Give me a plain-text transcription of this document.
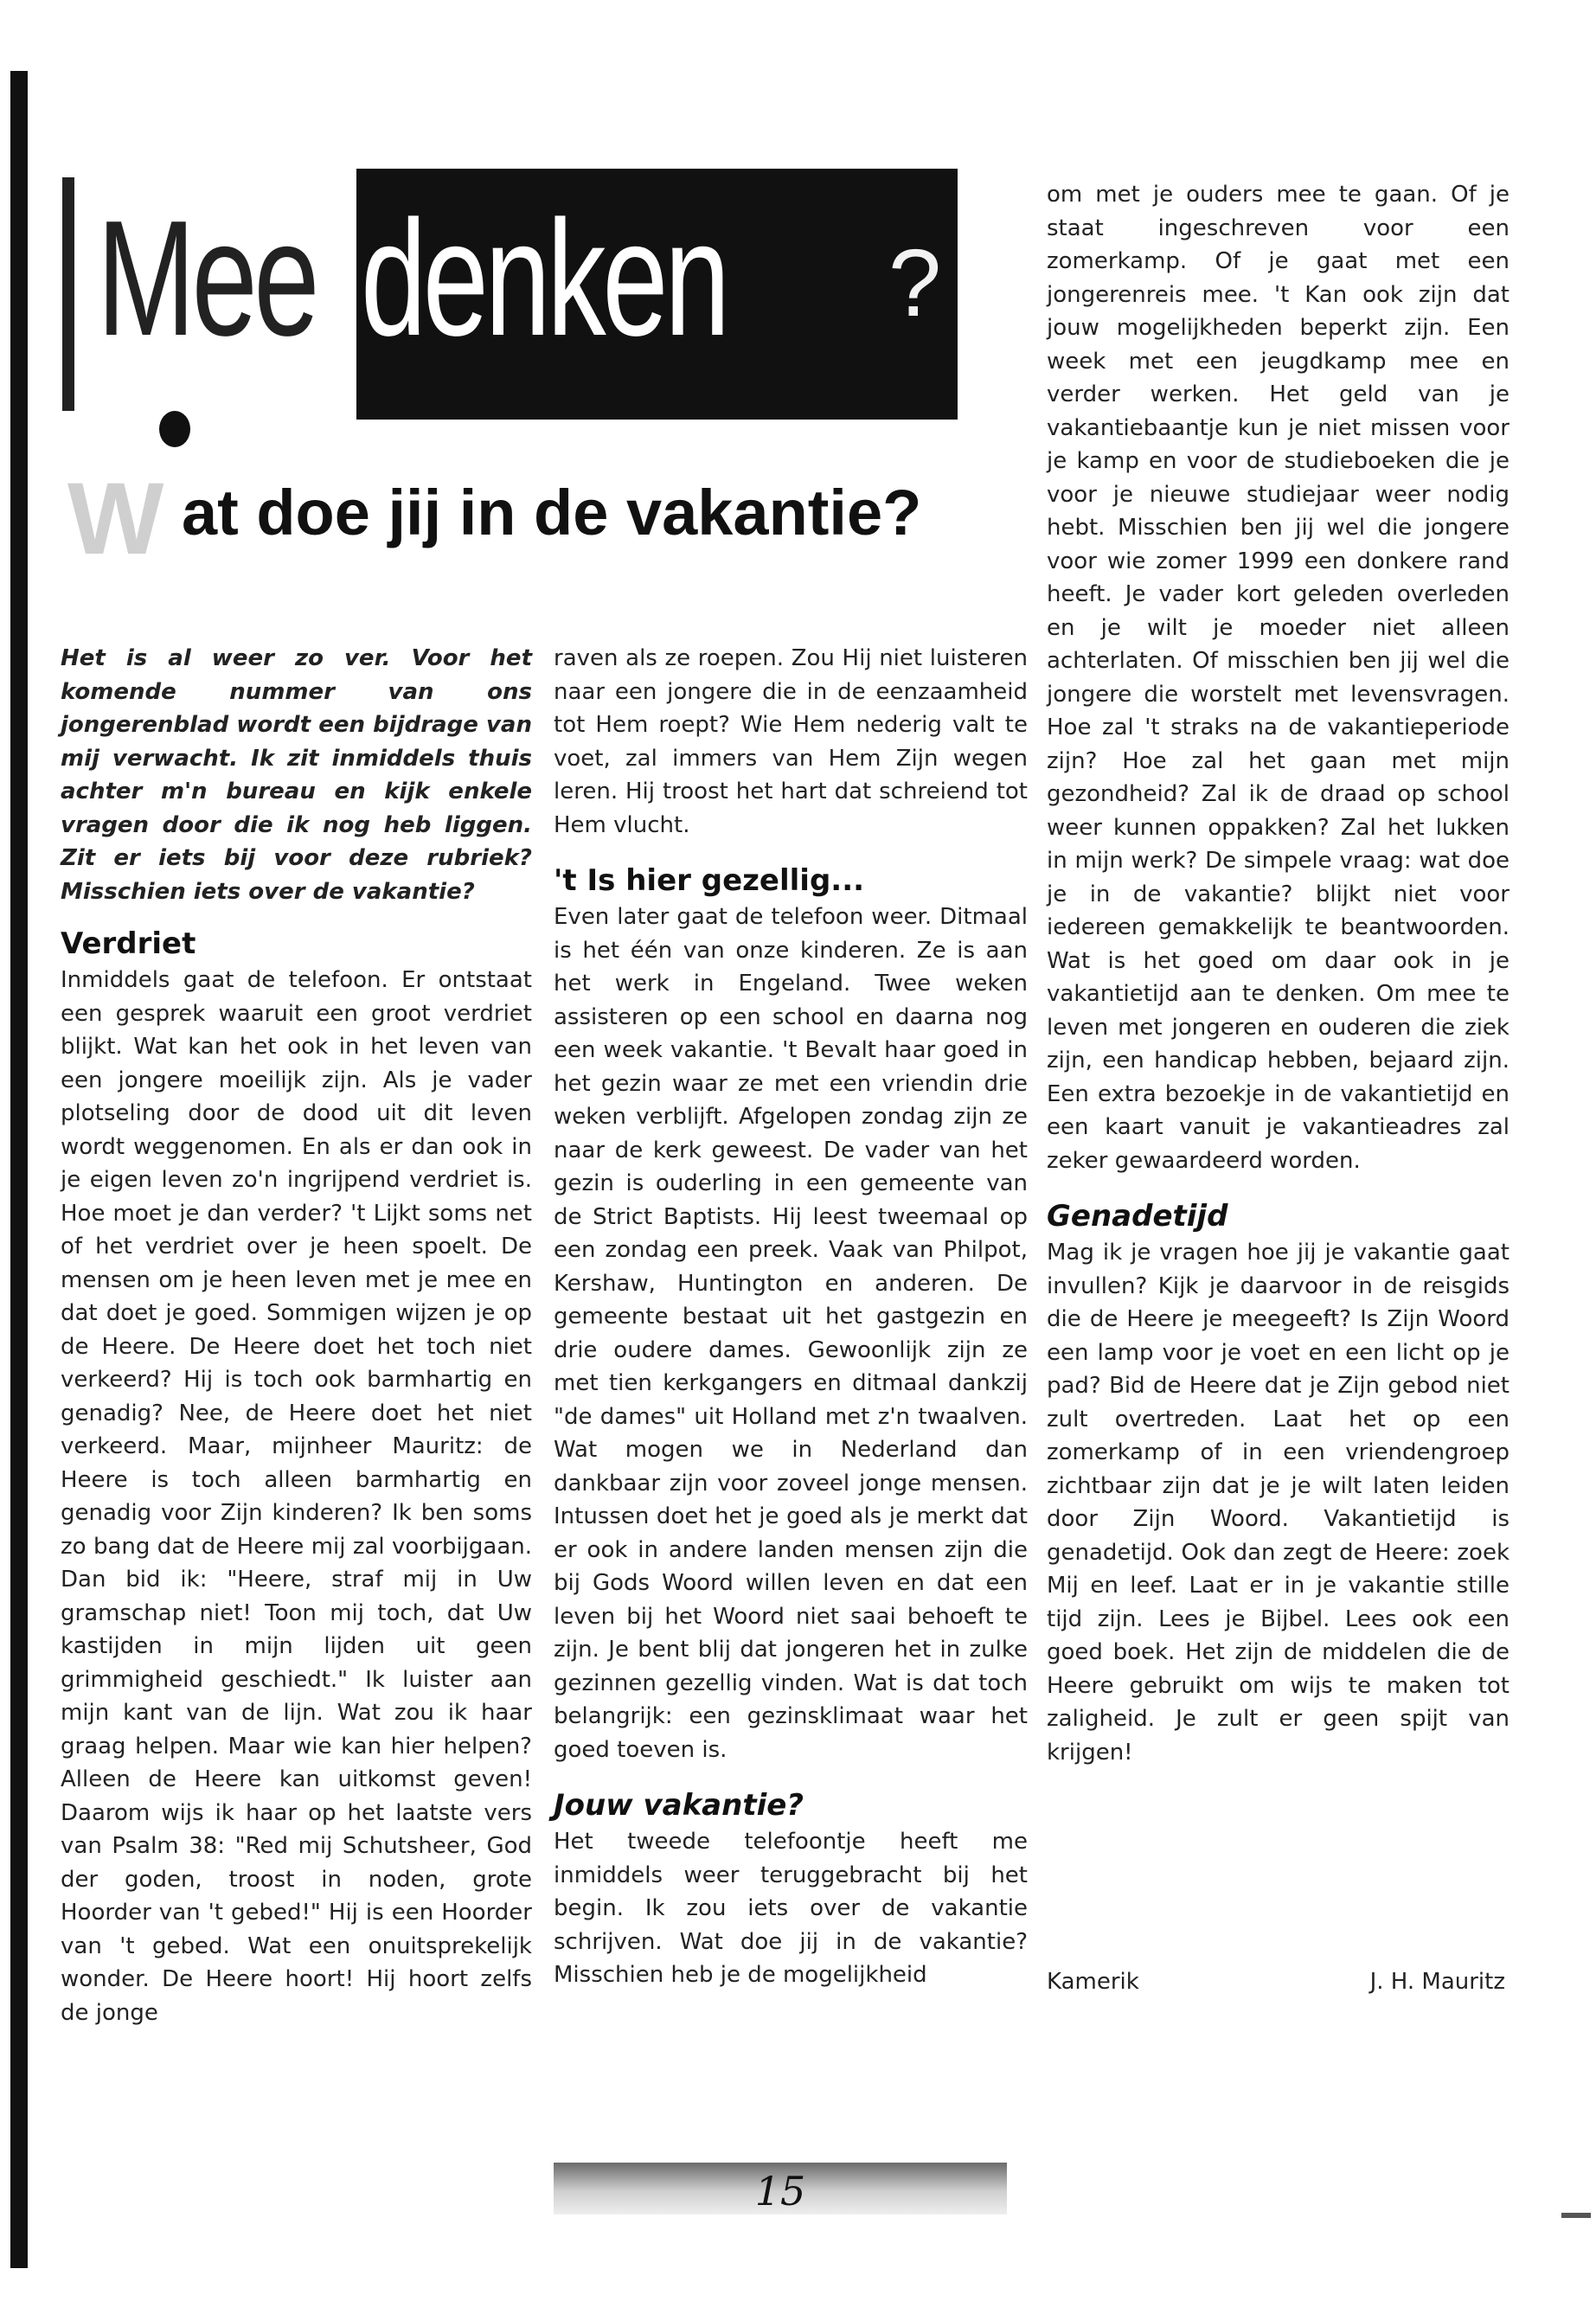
Mee denken ?
W at doe jij in de vakantie?

Het is al weer zo ver. Voor het komende nummer van ons jongerenblad wordt een bijdrage van mij verwacht. Ik zit inmiddels thuis achter m'n bureau en kijk enkele vragen door die ik nog heb liggen. Zit er iets bij voor deze rubriek? Misschien iets over de vakantie?

Verdriet

Inmiddels gaat de telefoon. Er ontstaat een gesprek waaruit een groot verdriet blijkt. Wat kan het ook in het leven van een jongere moeilijk zijn. Als je vader plotseling door de dood uit dit leven wordt weggenomen. En als er dan ook in je eigen leven zo'n ingrijpend verdriet is. Hoe moet je dan verder? 't Lijkt soms net of het verdriet over je heen spoelt. De mensen om je heen leven met je mee en dat doet je goed. Sommigen wijzen je op de Heere. De Heere doet het toch niet verkeerd? Hij is toch ook barmhartig en genadig? Nee, de Heere doet het niet verkeerd. Maar, mijnheer Mauritz: de Heere is toch alleen barmhartig en genadig voor Zijn kinderen? Ik ben soms zo bang dat de Heere mij zal voorbijgaan. Dan bid ik: "Heere, straf mij in Uw gramschap niet! Toon mij toch, dat Uw kastijden in mijn lijden uit geen grimmigheid geschiedt." Ik luister aan mijn kant van de lijn. Wat zou ik haar graag helpen. Maar wie kan hier helpen? Alleen de Heere kan uitkomst geven! Daarom wijs ik haar op het laatste vers van Psalm 38: "Red mij Schutsheer, God der goden, troost in noden, grote Hoorder van 't gebed!" Hij is een Hoorder van 't gebed. Wat een onuitsprekelijk wonder. De Heere hoort! Hij hoort zelfs de jonge

raven als ze roepen. Zou Hij niet luisteren naar een jongere die in de eenzaamheid tot Hem roept? Wie Hem nederig valt te voet, zal immers van Hem Zijn wegen leren. Hij troost het hart dat schreiend tot Hem vlucht.

't Is hier gezellig...

Even later gaat de telefoon weer. Ditmaal is het één van onze kinderen. Ze is aan het werk in Engeland. Twee weken assisteren op een school en daarna nog een week vakantie. 't Bevalt haar goed in het gezin waar ze met een vriendin drie weken verblijft. Afgelopen zondag zijn ze naar de kerk geweest. De vader van het gezin is ouderling in een gemeente van de Strict Baptists. Hij leest tweemaal op een zondag een preek. Vaak van Philpot, Kershaw, Huntington en anderen. De gemeente bestaat uit het gastgezin en drie oudere dames. Gewoonlijk zijn ze met tien kerkgangers en ditmaal dankzij "de dames" uit Holland met z'n twaalven. Wat mogen we in Nederland dan dankbaar zijn voor zoveel jonge mensen. Intussen doet het je goed als je merkt dat er ook in andere landen mensen zijn die bij Gods Woord willen leven en dat een leven bij het Woord niet saai behoeft te zijn. Je bent blij dat jongeren het in zulke gezinnen gezellig vinden. Wat is dat toch belangrijk: een gezinsklimaat waar het goed toeven is.

Jouw vakantie?

Het tweede telefoontje heeft me inmiddels weer teruggebracht bij het begin. Ik zou iets over de vakantie schrijven. Wat doe jij in de vakantie? Misschien heb je de mogelijkheid

om met je ouders mee te gaan. Of je staat ingeschreven voor een zomerkamp. Of je gaat met een jongerenreis mee. 't Kan ook zijn dat jouw mogelijkheden beperkt zijn. Een week met een jeugdkamp mee en verder werken. Het geld van je vakantiebaantje kun je niet missen voor je kamp en voor de studieboeken die je voor je nieuwe studiejaar weer nodig hebt. Misschien ben jij wel die jongere voor wie zomer 1999 een donkere rand heeft. Je vader kort geleden overleden en je wilt je moeder niet alleen achterlaten. Of misschien ben jij wel die jongere die worstelt met levensvragen. Hoe zal 't straks na de vakantieperiode zijn? Hoe zal het gaan met mijn gezondheid? Zal ik de draad op school weer kunnen oppakken? Zal het lukken in mijn werk? De simpele vraag: wat doe je in de vakantie? blijkt niet voor iedereen gemakkelijk te beantwoorden. Wat is het goed om daar ook in je vakantietijd aan te denken. Om mee te leven met jongeren en ouderen die ziek zijn, een handicap hebben, bejaard zijn. Een extra bezoekje in de vakantietijd en een kaart vanuit je vakantieadres zal zeker gewaardeerd worden.

Genadetijd

Mag ik je vragen hoe jij je vakantie gaat invullen? Kijk je daarvoor in de reisgids die de Heere je meegeeft? Is Zijn Woord een lamp voor je voet en een licht op je pad? Bid de Heere dat je Zijn gebod niet zult overtreden. Laat het op een zomerkamp of in een vriendengroep zichtbaar zijn dat je je wilt laten leiden door Zijn Woord. Vakantietijd is genadetijd. Ook dan zegt de Heere: zoek Mij en leef. Laat er in je vakantie stille tijd zijn. Lees je Bijbel. Lees ook een goed boek. Het zijn de middelen die de Heere gebruikt om wijs te maken tot zaligheid. Je zult er geen spijt van krijgen!

Kamerik	J. H. Mauritz
15
